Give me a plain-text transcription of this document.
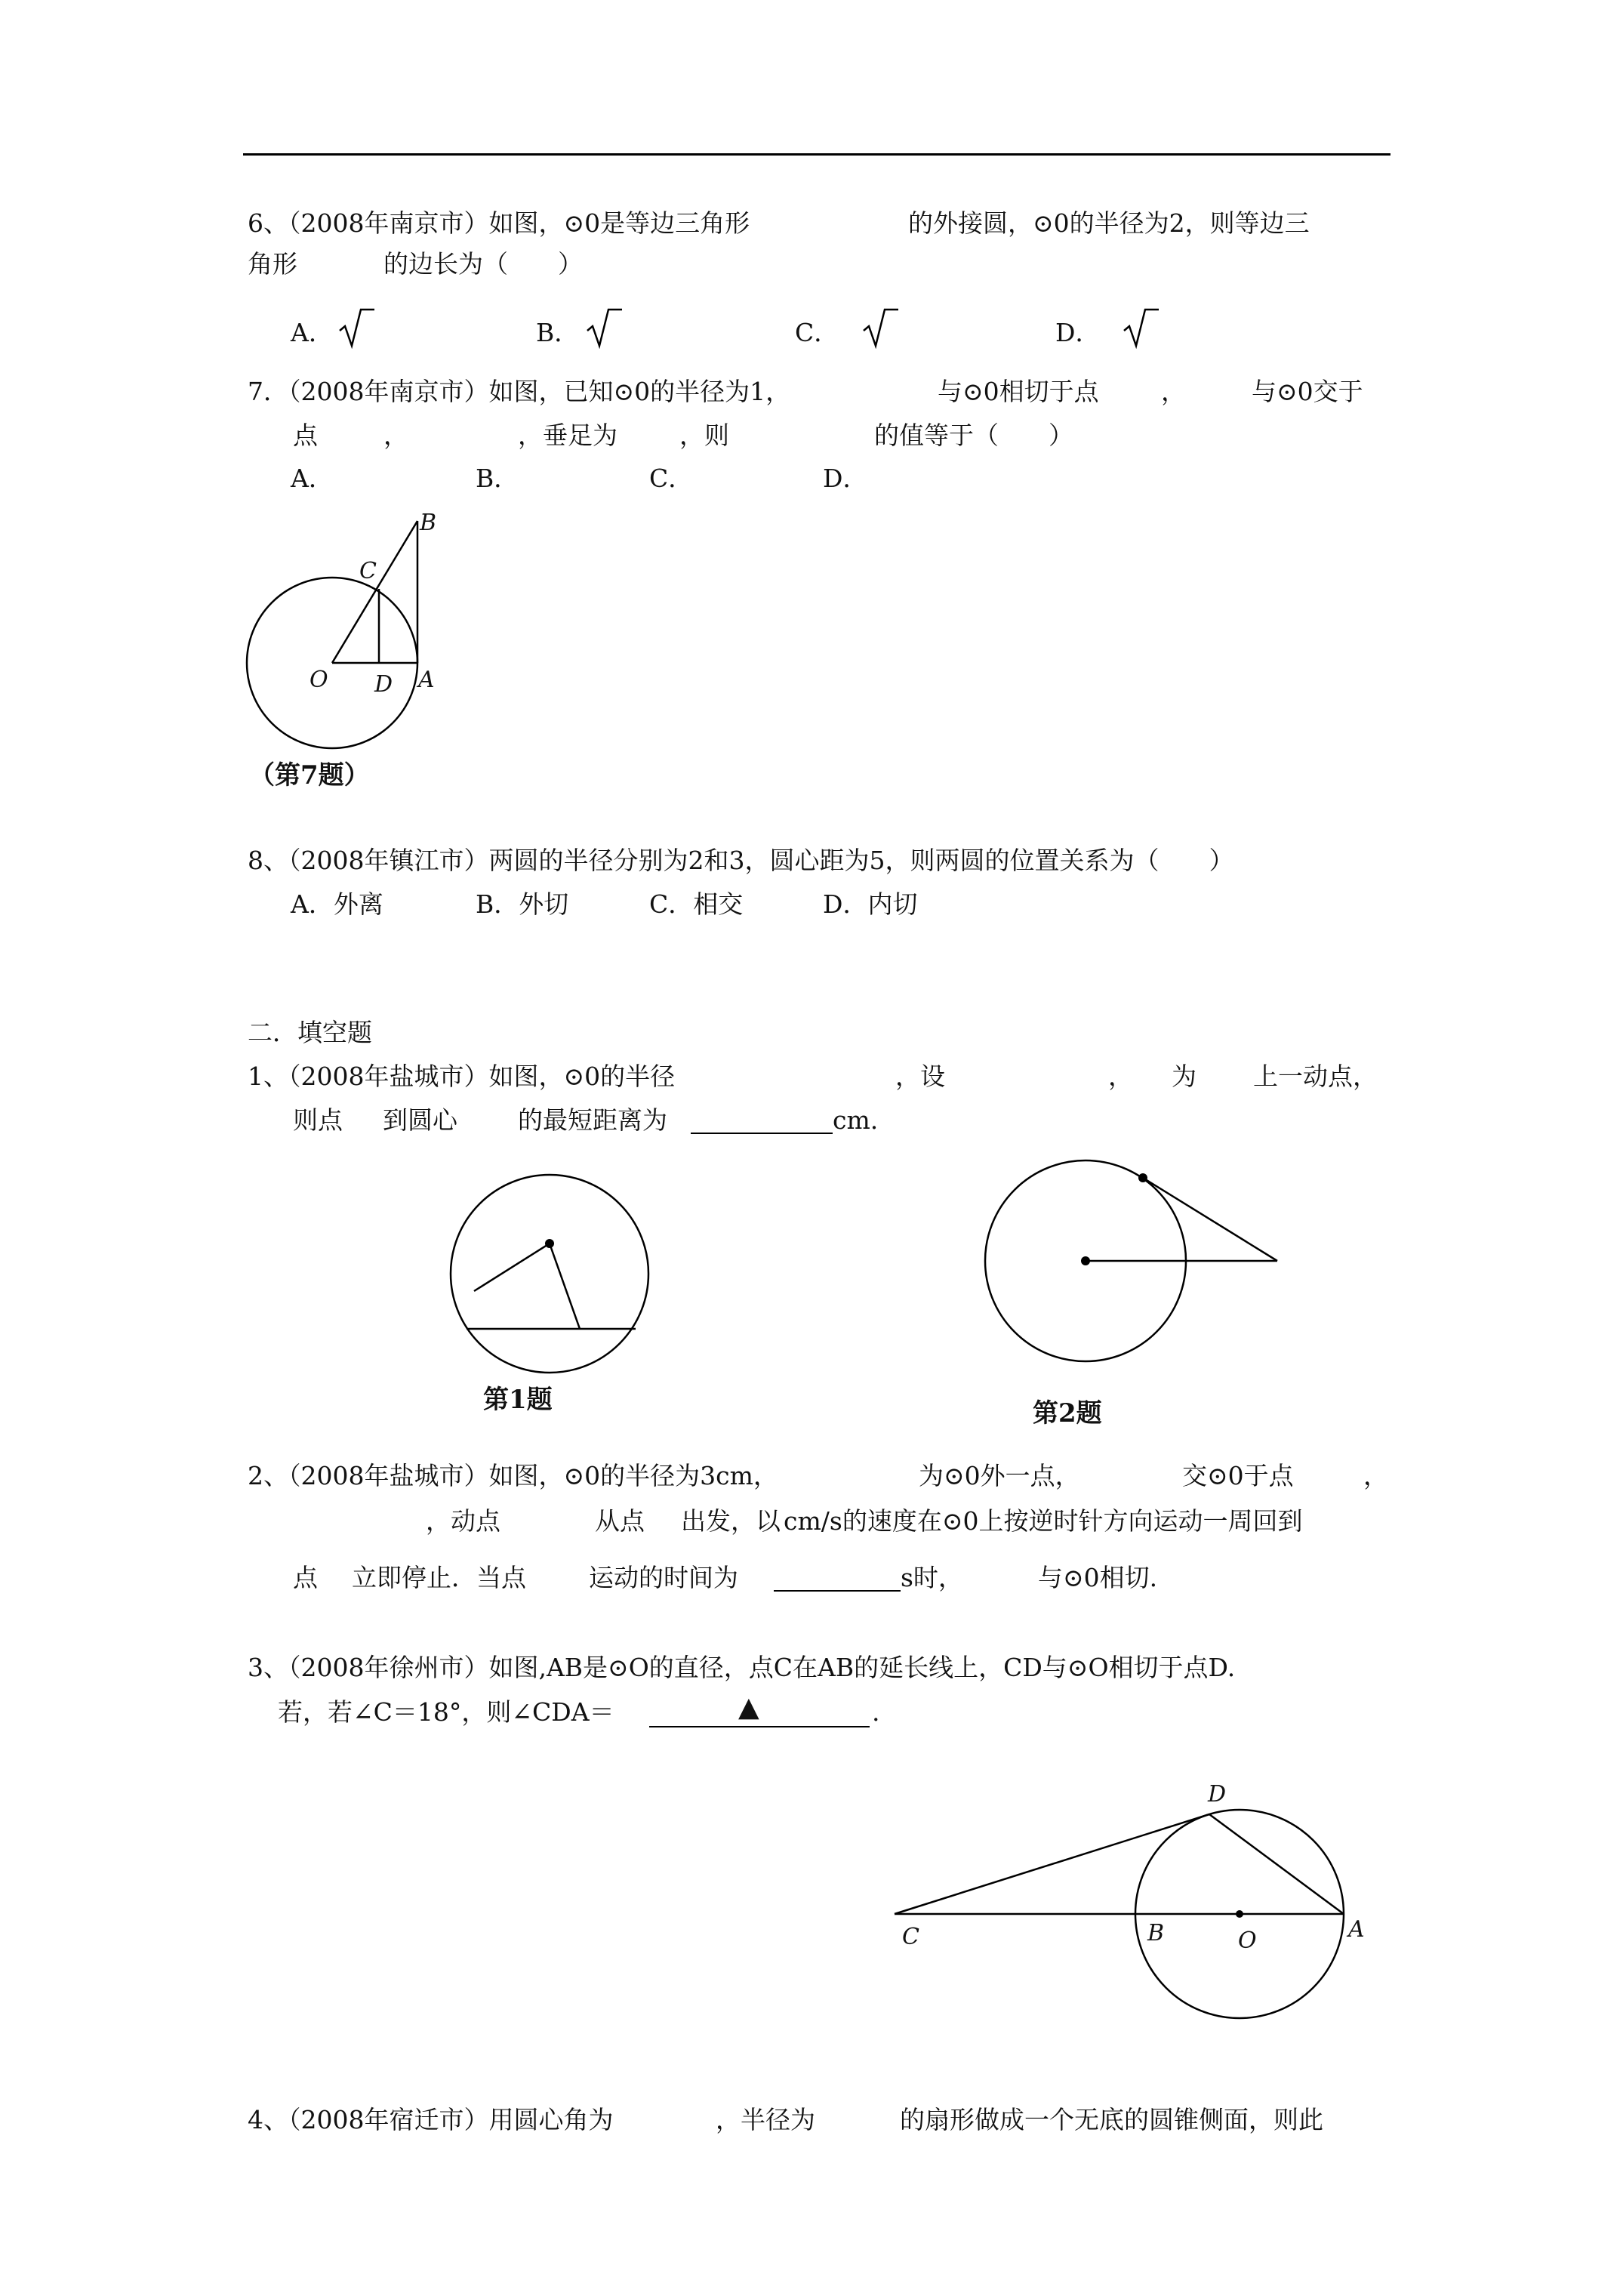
6、（2008年南京市）如图，⊙0是等边三角形	的外接圆，⊙0的半径为2，则等边三
角形	的边长为（　　）
A．	B．	C．	D．
7．（2008年南京市）如图，已知⊙0的半径为1，	与⊙0相切于点 ，	与⊙0交于
点	，	，垂足为 ，则	的值等于（　　）
A．	B．	C．	D．
B
C
O D A
（第7题）
8、（2008年镇江市）两圆的半径分别为2和3，圆心距为5，则两圆的位置关系为（　　）
A．外离	B．外切	C．相交	D．内切
二．填空题
1、（2008年盐城市）如图，⊙0的半径	，设	， 为 上一动点，
则点 到圆心 的最短距离为	cm.
第1题	第2题
2、（2008年盐城市）如图，⊙0的半径为3cm，	为⊙0外一点，	交⊙0于点	，
，动点	从点 出发，以 cm/s的速度在⊙0上按逆时针方向运动一周回到
点 立即停止．当点	运动的时间为	s时，	与⊙0相切.
3、（2008年徐州市）如图,AB是⊙O的直径，点C在AB的延长线上，CD与⊙O相切于点D.
若，若∠C＝18°，则∠CDA＝	▲	.
D
C	B	O	A
4、（2008年宿迁市）用圆心角为	，半径为	的扇形做成一个无底的圆锥侧面，则此
